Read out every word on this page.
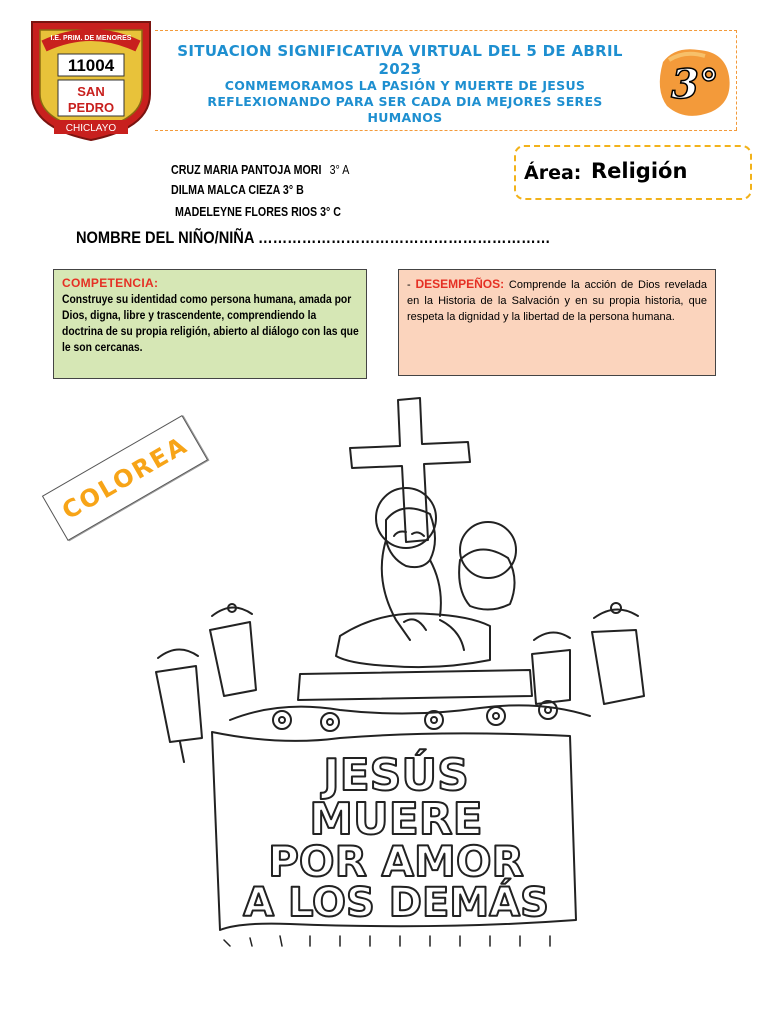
I.E. PRIM. DE MENORES
11004
SAN
PEDRO
CHICLAYO
SITUACION SIGNIFICATIVA VIRTUAL DEL 5 DE ABRIL 2023
CONMEMORAMOS LA PASIÓN Y MUERTE DE JESUS REFLEXIONANDO PARA SER CADA DIA MEJORES SERES HUMANOS
3°
CRUZ MARIA PANTOJA MORI 3° A
DILMA MALCA CIEZA 3° B
MADELEYNE FLORES RIOS 3° C
NOMBRE DEL NIÑO/NIÑA ……………………………………………………
Área: Religión
COMPETENCIA:
Construye su identidad como persona humana, amada por Dios, digna, libre y trascendente, comprendiendo la doctrina de su propia religión, abierto al diálogo con las que le son cercanas.
- DESEMPEÑOS: Comprende la acción de Dios revelada en la Historia de la Salvación y en su propia historia, que respeta la dignidad y la libertad de la persona humana.
COLOREA
JESÚS
MUERE
POR AMOR
A LOS DEMÁS
